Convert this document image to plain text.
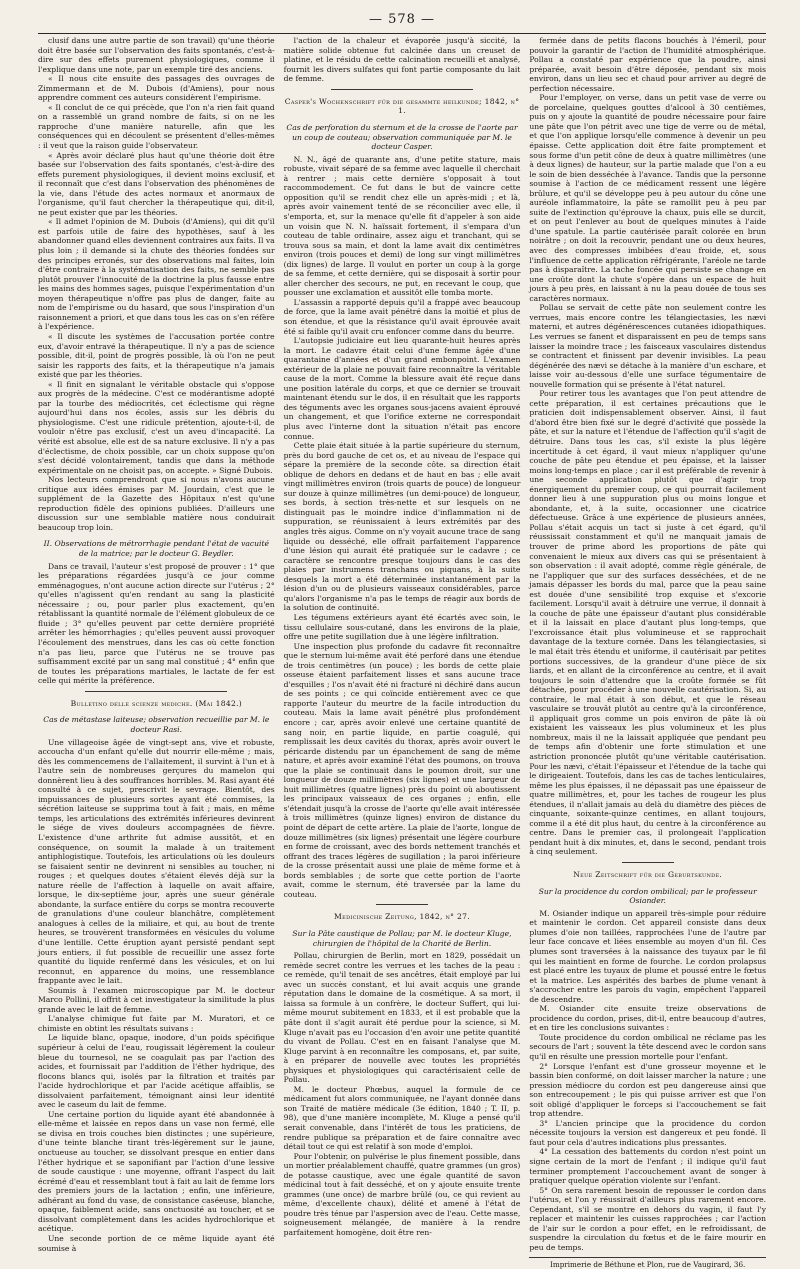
— 578 —

clusif dans une autre partie de son travail) qu'une théorie doit être basée sur l'observation des faits spontanés, c'est-à-dire sur des effets purement physiologiques, comme il l'explique dans une note, par un exemple tiré des anciens.

« Il nous cite ensuite des passages des ouvrages de Zimmermann et de M. Dubois (d'Amiens), pour nous apprendre comment ces auteurs considèrent l'empirisme.

« Il conclut de ce qui précède, que l'on n'a rien fait quand on a rassemblé un grand nombre de faits, si on ne les rapproche d'une manière naturelle, afin que les conséquences qui en découlent se présentent d'elles-mêmes : il veut que la raison guide l'observateur.

« Après avoir déclaré plus haut qu'une théorie doit être basée sur l'observation des faits spontanés, c'est-à-dire des effets purement physiologiques, il devient moins exclusif, et il reconnaît que c'est dans l'observation des phénomènes de la vie, dans l'étude des actes normaux et anormaux de l'organisme, qu'il faut chercher la thérapeutique qui, dit-il, ne peut exister que par les théories.

« Il admet l'opinion de M. Dubois (d'Amiens), qui dit qu'il est parfois utile de faire des hypothèses, sauf à les abandonner quand elles deviennent contraires aux faits. Il va plus loin ; il demande si la chute des théories fondées sur des principes erronés, sur des observations mal faites, loin d'être contraire à la systématisation des faits, ne semble pas plutôt prouver l'innocuité de la doctrine la plus fausse entre les mains des hommes sages, puisque l'expérimentation d'un moyen thérapeutique n'offre pas plus de danger, faite au nom de l'empirisme ou du hasard, que sous l'inspiration d'un raisonnement a priori, et que dans tous les cas on s'en réfère à l'expérience.

« Il discute les systèmes de l'accusation portée contre eux, d'avoir entravé la thérapeutique. Il n'y a pas de science possible, dit-il, point de progrès possible, là où l'on ne peut saisir les rapports des faits, et la thérapeutique n'a jamais existé que par les théories.

« Il finit en signalant le véritable obstacle qui s'oppose aux progrès de la médecine. C'est ce modérantisme adopté par la tourbe des médiocrités, cet éclectisme qui règne aujourd'hui dans nos écoles, assis sur les débris du physiologisme. C'est une ridicule prétention, ajoute-t-il, de vouloir n'être pas exclusif, c'est un aveu d'incapacité. La vérité est absolue, elle est de sa nature exclusive. Il n'y a pas d'éclectisme, de choix possible, car un choix suppose qu'on s'est décidé volontairement, tandis que dans la méthode expérimentale on ne choisit pas, on accepte. » Signé Dubois.

Nos lecteurs comprendront que si nous n'avons aucune critique aux idées émises par M. Jourdain, c'est que le supplément de la Gazette des Hôpitaux n'est qu'une reproduction fidèle des opinions publiées. D'ailleurs une discussion sur une semblable matière nous conduirait beaucoup trop loin.

II. Observations de métrorrhagie pendant l'état de vacuité de la matrice; par le docteur G. Beydler.

Dans ce travail, l'auteur s'est proposé de prouver : 1° que les préparations régardées jusqu'à ce jour comme emménagogues, n'ont aucune action directe sur l'utérus ; 2° qu'elles n'agissent qu'en rendant au sang la plasticité nécessaire ; ou, pour parler plus exactement, qu'en rétablissant la quantité normale de l'élément globuleux de ce fluide ; 3° qu'elles peuvent par cette dernière propriété arrêter les hémorrhagies ; qu'elles peuvent aussi provoquer l'écoulement des menstrues, dans les cas où cette fonction n'a pas lieu, parce que l'utérus ne se trouve pas suffisamment excité par un sang mal constitué ; 4° enfin que de toutes les préparations martiales, le lactate de fer est celle qui mérite la préférence.

Bulletino delle scienze mediche. (Mai 1842.)
Cas de métastase laiteuse; observation recueillie par M. le docteur Rasi.

Une villageoise âgée de vingt-sept ans, vive et robuste, accoucha d'un enfant qu'elle dut nourrir elle-même ; mais, dès les commencemens de l'allaitement, il survint à l'un et à l'autre sein de nombreuses gerçures du mamelon qui donnèrent lieu à des souffrances horribles. M. Rasi ayant été consulté à ce sujet, prescrivit le sevrage. Bientôt, des impuissances de plusieurs sortes ayant été commises, la sécrétion laiteuse se supprima tout à fait ; mais, en même temps, les articulations des extrémités inférieures devinrent le siége de vives douleurs accompagnées de fièvre. L'existence d'une arthrite fut admise aussitôt, et en conséquence, on soumit la malade à un traitement antiphlogistique. Toutefois, les articulations où les douleurs se faisaient sentir ne devinrent ni sensibles au toucher, ni rouges ; et quelques doutes s'étaient élevés déjà sur la nature réelle de l'affection à laquelle on avait affaire, lorsque, le dix-septième jour, après une sueur générale abondante, la surface entière du corps se montra recouverte de granulations d'une couleur blanchâtre, complètement analogues à celles de la miliaire, et qui, au bout de trente heures, se trouvèrent transformées en vésicules du volume d'une lentille. Cette éruption ayant persisté pendant sept jours entiers, il fut possible de recueillir une assez forte quantité du liquide renfermé dans les vésicules, et on lui reconnut, en apparence du moins, une ressemblance frappante avec le lait.

Soumis à l'examen microscopique par M. le docteur Marco Pollini, il offrit à cet investigateur la similitude la plus grande avec le lait de femme.

L'analyse chimique fut faite par M. Muratori, et ce chimiste en obtint les résultats suivans :

Le liquide blanc, opaque, inodore, d'un poids spécifique supérieur à celui de l'eau, rougissait légèrement la couleur bleue du tournesol, ne se coagulait pas par l'action des acides, et fournissait par l'addition de l'éther hydrique, des flocons blancs qui, isolés par la filtration et traités par l'acide hydrochlorique et par l'acide acétique affaiblis, se dissolvaient parfaitement, témoignant ainsi leur identité avec le caseum du lait de femme.

Une certaine portion du liquide ayant été abandonnée à elle-même et laissée en repos dans un vase non fermé, elle se divisa en trois couches bien distinctes ; une supérieure, d'une teinte blanche tirant très-légèrement sur le jaune, onctueuse au toucher, se dissolvant presque en entier dans l'éther hydrique et se saponifiant par l'action d'une lessive de soude caustique : une moyenne, offrant l'aspect du lait écrémé d'eau et ressemblant tout à fait au lait de femme lors des premiers jours de la lactation ; enfin, une inférieure, adhérant au fond du vase, de consistance caséeuse, blanche, opaque, faiblement acide, sans onctuosité au toucher, et se dissolvant complètement dans les acides hydrochlorique et acétique.

Une seconde portion de ce même liquide ayant été soumise à

l'action de la chaleur et évaporée jusqu'à siccité, la matière solide obtenue fut calcinée dans un creuset de platine, et le résidu de cette calcination recueilli et analysé, fournit les divers sulfates qui font partie composante du lait de femme.

Casper's Wochenschrift für die gesammte heilkunde; 1842, n° 1.
Cas de perforation du sternum et de la crosse de l'aorte par un coup de couteau; observation communiquée par M. le docteur Casper.

N. N., âgé de quarante ans, d'une petite stature, mais robuste, vivait séparé de sa femme avec laquelle il cherchait à rentrer ; mais cette dernière s'opposait à tout raccommodement. Ce fut dans le but de vaincre cette opposition qu'il se rendit chez elle un après-midi ; et là, après avoir vainement tenté de se réconcilier avec elle, il s'emporta, et, sur la menace qu'elle fit d'appeler à son aide un voisin que N. N. haïssait fortement, il s'empara d'un couteau de table ordinaire, assez aigu et tranchant, qui se trouva sous sa main, et dont la lame avait dix centimètres environ (trois pouces et demi) de long sur vingt millimètres (dix lignes) de large. Il voulut en porter un coup à la gorge de sa femme, et cette dernière, qui se disposait à sortir pour aller chercher des secours, ne put, en recevant le coup, que pousser une exclamation et aussitôt elle tomba morte.

L'assassin a rapporté depuis qu'il a frappé avec beaucoup de force, que la lame avait pénétré dans la moitié et plus de son étendue, et que la résistance qu'il avait éprouvée avait été si faible qu'il avait cru enfoncer comme dans du beurre.

L'autopsie judiciaire eut lieu quarante-huit heures après la mort. Le cadavre était celui d'une femme âgée d'une quarantaine d'années et d'un grand embonpoint. L'examen extérieur de la plaie ne pouvait faire reconnaître la véritable cause de la mort. Comme la blessure avait été reçue dans une position latérale du corps, et que ce dernier se trouvait maintenant étendu sur le dos, il en résultait que les rapports des téguments avec les organes sous-jacens avaient éprouvé un changement, et que l'orifice externe ne correspondait plus avec l'interne dont la situation n'était pas encore connue.

Cette plaie était située à la partie supérieure du sternum, près du bord gauche de cet os, et au niveau de l'espace qui sépare la première de la seconde côte. sa direction était oblique de dehors en dedans et de haut en bas ; elle avait vingt millimètres environ (trois quarts de pouce) de longueur sur douze à quinze millimètres (un demi-pouce) de longueur, ses bords, à section très-nette et sur lesquels on ne distinguait pas le moindre indice d'inflammation ni de suppuration, se réunissaient à leurs extrémités par des angles très aigus. Comme on n'y voyait aucune trace de sang liquide ou desséché, elle offrait parfaitement l'apparence d'une lésion qui aurait été pratiquée sur le cadavre ; ce caractère se rencontre presque toujours dans le cas des plaies par instrumens tranchans ou piquans, à la suite desquels la mort a été déterminée instantanément par la lésion d'un ou de plusieurs vaisseaux considérables, parce qu'alors l'organisme n'a pas le temps de réagir aux bords de la solution de continuité.

Les tégumens extérieurs ayant été écartés avec soin, le tissu cellulaire sous-cutané, dans les environs de la plaie, offre une petite sugillation due à une légère infiltration.

Une inspection plus profonde du cadavre fit reconnaître que le sternum lui-même avait été perforé dans une étendue de trois centimètres (un pouce) ; les bords de cette plaie osseuse étaient parfaitement lisses et sans aucune trace d'esquilles ; l'os n'avait été ni fracturé ni déchiré dans aucun de ses points ; ce qui coïncide entièrement avec ce que rapporte l'auteur du meurtre de la facile introduction du couteau. Mais la lame avait pénétré plus profondément encore ; car, après avoir enlevé une certaine quantité de sang noir, en partie liquide, en partie coagulé, qui remplissait les deux cavités du thorax, après avoir ouvert le péricarde distendu par un épanchement de sang de même nature, et après avoir examiné l'état des poumons, on trouva que la plaie se continuait dans le poumon droit, sur une longueur de douze millimètres (six lignes) et une largeur de huit millimètres (quatre lignes) près du point où aboutissent les principaux vaisseaux de ces organes ; enfin, elle s'étendait jusqu'à la crosse de l'aorte qu'elle avait intéressée à trois millimètres (quinze lignes) environ de distance du point de départ de cette artère. La plaie de l'aorte, longue de douze millimètres (six lignes) présentait une légère courbure en forme de croissant, avec des bords nettement tranchés et offrant des traces légères de sugillation ; la paroi inférieure de la crosse présentait aussi une plaie de même forme et à bords semblables ; de sorte que cette portion de l'aorte avait, comme le sternum, été traversée par la lame du couteau.

Medicinische Zeitung, 1842, n° 27.
Sur la Pâte caustique de Pollau; par M. le docteur Kluge, chirurgien de l'hôpital de la Charité de Berlin.

Pollau, chirurgien de Berlin, mort en 1829, possédait un remède secret contre les verrues et les taches de la peau : ce remède, qu'il tenait de ses ancêtres, était employé par lui avec un succès constant, et lui avait acquis une grande réputation dans le domaine de la cosmétique. A sa mort, il laissa sa formule à un confrère, le docteur Suffert, qui lui-même mourut subitement en 1833, et il est probable que la pâte dont il s'agit aurait été perdue pour la science, si M. Kluge n'avait pas eu l'occasion d'en avoir une petite quantité du vivant de Pollau. C'est en en faisant l'analyse que M. Kluge parvint à en reconnaître les composans, et, par suite, à en préparer de nouvelle avec toutes les propriétés physiques et physiologiques qui caractérisaient celle de Pollau.

M. le docteur Phœbus, auquel la formule de ce médicament fut alors communiquée, ne l'ayant donnée dans son Traité de matière médicale (3e édition, 1840 ; T. II, p. 98), que d'une manière incomplète, M. Kluge a pensé qu'il serait convenable, dans l'intérêt de tous les praticiens, de rendre publique sa préparation et de faire connaître avec détail tout ce qui est relatif à son mode d'emploi.

Pour l'obtenir, on pulvérise le plus finement possible, dans un mortier préalablement chauffé, quatre grammes (un gros) de potasse caustique, avec une égale quantité de savon médicinal tout à fait desséché, et on y ajoute ensuite trente grammes (une once) de marbre brûlé (ou, ce qui revient au même, d'excellente chaux), délité et amené à l'état de poudre très ténue par l'aspersion avec de l'eau. Cette masse, soigneusement mélangée, de manière à la rendre parfaitement homogène, doit être ren-

fermée dans de petits flacons bouchés à l'émeril, pour pouvoir la garantir de l'action de l'humidité atmosphérique. Pollau a constaté par expérience que la poudre, ainsi préparée, avait besoin d'être déposée, pendant six mois environ, dans un lieu sec et chaud pour arriver au degré de perfection nécessaire.

Pour l'employer, on verse, dans un petit vase de verre ou de porcelaine, quelques gouttes d'alcool à 30 centièmes, puis on y ajoute la quantité de poudre nécessaire pour faire une pâte que l'on pétrit avec une tige de verre ou de métal, et que l'on applique lorsqu'elle commence à devenir un peu épaisse. Cette application doit être faite promptement et sous forme d'un petit cône de deux à quatre millimètres (une à deux lignes) de hauteur, sur la partie malade que l'on a eu le soin de bien desséchée à l'avance. Tandis que la personne soumise à l'action de ce médicament ressent une légère brûlure, et qu'il se développe peu à peu autour du cône une auréole inflammatoire, la pâte se ramollit peu à peu par suite de l'extinction qu'éprouve la chaux, puis elle se durcit, et on peut l'enlever au bout de quelques minutes à l'aide d'une spatule. La partie cautérisée paraît colorée en brun noirâtre ; on doit la recouvrir, pendant une ou deux heures, avec des compresses imbibées d'eau froide, et, sous l'influence de cette application réfrigérante, l'aréole ne tarde pas à disparaître. La tache foncée qui persiste se change en une croûte dont la chute s'opère dans un espace de huit jours à peu près, en laissant à nu la peau douée de tous ses caractères normaux.

Pollau se servait de cette pâte non seulement contre les verrues, mais encore contre les télangiectasies, les nævi materni, et autres dégénérescences cutanées idiopathiques. Les verrues se fanent et disparaissent en peu de temps sans laisser la moindre trace ; les faisceaux vasculaires distendus se contractent et finissent par devenir invisibles. La peau dégénérée des nævi se détache à la manière d'un eschare, et laisse voir au-dessous d'elle une surface tégumentaire de nouvelle formation qui se présente à l'état naturel.

Pour retirer tous les avantages que l'on peut attendre de cette préparation, il est certaines précautions que le praticien doit indispensablement observer. Ainsi, il faut d'abord être bien fixé sur le degré d'activité que possède la pâte, et sur la nature et l'étendue de l'affection qu'il s'agit de détruire. Dans tous les cas, s'il existe la plus légère incertitude à cet égard, il vaut mieux n'appliquer qu'une couche de pâte peu étendue et peu épaisse, et la laisser moins long-temps en place ; car il est préférable de revenir à une seconde application plutôt que d'agir trop énergiquement du premier coup, ce qui pourrait facilement donner lieu à une suppuration plus ou moins longue et abondante, et, à la suite, occasionner une cicatrice défectueuse. Grâce à une expérience de plusieurs années, Pollau s'était acquis un tact si juste à cet égard, qu'il réussissait constamment et qu'il ne manquait jamais de trouver de prime abord les proportions de pâte qui convenaient le mieux aux divers cas qui se présentaient à son observation : il avait adopté, comme règle générale, de ne l'appliquer que sur des surfaces desséchées, et de ne jamais dépasser les bords du mal, parce que la peau saine est douée d'une sensibilité trop exquise et s'excorie facilement. Lorsqu'il avait à détruire une verrue, il donnait à la couche de pâte une épaisseur d'autant plus considérable et il la laissait en place d'autant plus long-temps, que l'excroissance était plus volumineuse et se rapprochait davantage de la texture cornée. Dans les télangiectasies, si le mal était très étendu et uniforme, il cautérisait par petites portions successives, de la grandeur d'une pièce de six liards, et en allant de la circonférence au centre, et il avait toujours le soin d'attendre que la croûte formée se fût détachée, pour procéder à une nouvelle cautérisation. Si, au contraire, le mal était à son début, et que le réseau vasculaire se trouvât plutôt au centre qu'à la circonférence, il appliquait gros comme un pois environ de pâte là où existaient les vaisseaux les plus volumineux et les plus nombreux, mais il ne la laissait appliquée que pendant peu de temps afin d'obtenir une forte stimulation et une astriction prononcée plutôt qu'une véritable cautérisation. Pour les nævi, c'était l'épaisseur et l'étendue de la tache qui le dirigeaient. Toutefois, dans les cas de taches lenticulaires, même les plus épaisses, il ne dépassait pas une épaisseur de quatre millimètres, et, pour les taches de rougeur les plus étendues, il n'allait jamais au delà du diamètre des pièces de cinquante, soixante-quinze centimes, en allant toujours, comme il a été dit plus haut, du centre à la circonférence au centre. Dans le premier cas, il prolongeait l'application pendant huit à dix minutes, et, dans le second, pendant trois à cinq seulement.

Neue Zeitschrift für die Geburtskunde.
Sur la procidence du cordon ombilical; par le professeur Osiander.

M. Osiander indique un appareil très-simple pour réduire et maintenir le cordon. Cet appareil consiste dans deux plumes d'oie non taillées, rapprochées l'une de l'autre par leur face concave et liées ensemble au moyen d'un fil. Ces plumes sont traversées à la naissance des tuyaux par le fil qui les maintient en forme de fourche. Le cordon prolapsus est placé entre les tuyaux de plume et poussé entre le fœtus et la matrice. Les aspérités des barbes de plume venant à s'accrocher entre les parois du vagin, empêchent l'appareil de descendre.

M. Osiander cite ensuite treize observations de procidence du cordon, prises, dit-il, entre beaucoup d'autres, et en tire les conclusions suivantes :

Toute procidence du cordon ombilical ne réclame pas les secours de l'art ; souvent la tête descend avec le cordon sans qu'il en résulte une pression mortelle pour l'enfant.

2° Lorsque l'enfant est d'une grosseur moyenne et le bassin bien conformé, on doit laisser marcher la nature ; une pression médiocre du cordon est peu dangereuse ainsi que son entrecoupement ; le pis qui puisse arriver est que l'on soit obligé d'appliquer le forceps si l'accouchement se fait trop attendre.

3° L'ancien principe que la procidence du cordon nécessite toujours la version est dangereux et peu fondé. Il faut pour cela d'autres indications plus pressantes.

4° La cessation des battements du cordon n'est point un signe certain de la mort de l'enfant ; il indique qu'il faut terminer promptement l'accouchement avant de songer à pratiquer quelque opération violente sur l'enfant.

5° On sera rarement besoin de repousser le cordon dans l'utérus, et l'on y réussirait d'ailleurs plus rarement encore. Cependant, s'il se montre en dehors du vagin, il faut l'y replacer et maintenir les cuisses rapprochées ; car l'action de l'air sur le cordon a pour effet, en le refroidissant, de suspendre la circulation du fœtus et de le faire mourir en peu de temps.

Imprimerie de Béthune et Plon, rue de Vaugirard, 36.
